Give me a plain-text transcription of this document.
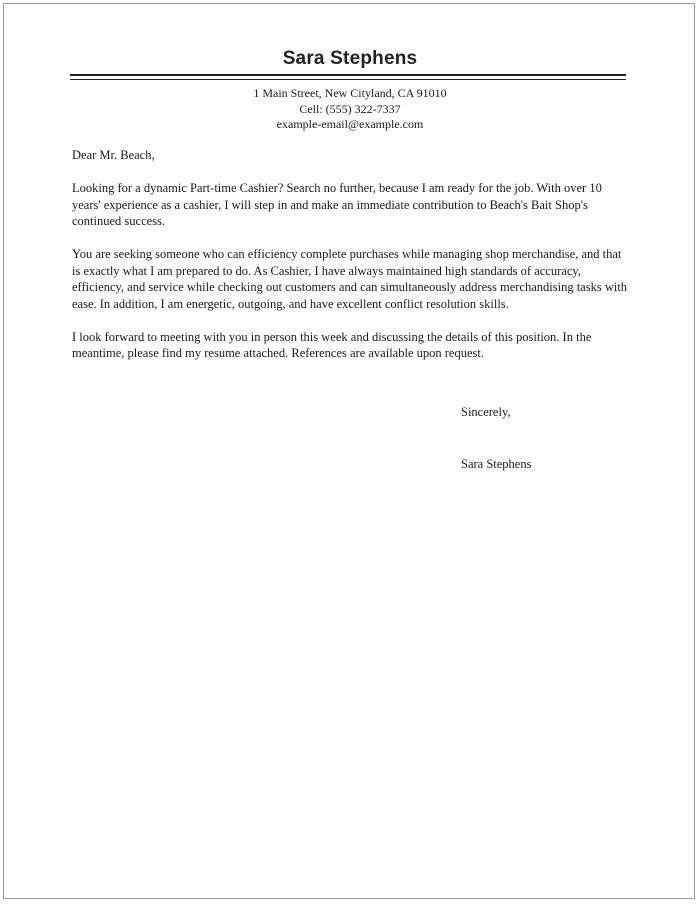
Sara Stephens
1 Main Street, New Cityland, CA 91010
Cell: (555) 322-7337
example-email@example.com

Dear Mr. Beach,

Looking for a dynamic Part-time Cashier? Search no further, because I am ready for the job. With over 10 years' experience as a cashier, I will step in and make an immediate contribution to Beach's Bait Shop's continued success.

You are seeking someone who can efficiency complete purchases while managing shop merchandise, and that is exactly what I am prepared to do. As Cashier, I have always maintained high standards of accuracy, efficiency, and service while checking out customers and can simultaneously address merchandising tasks with ease. In addition, I am energetic, outgoing, and have excellent conflict resolution skills.

I look forward to meeting with you in person this week and discussing the details of this position. In the meantime, please find my resume attached. References are available upon request.

Sincerely,
Sara Stephens
